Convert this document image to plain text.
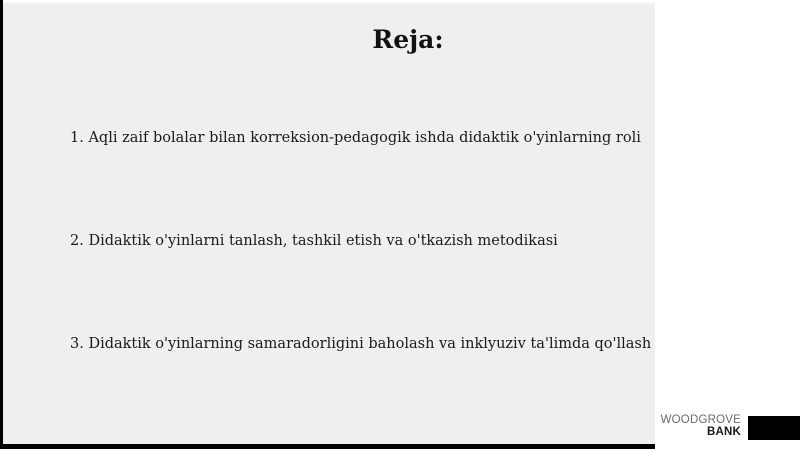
Reja:
1. Aqli zaif bolalar bilan korreksion-pedagogik ishda didaktik o'yinlarning roli
2. Didaktik o'yinlarni tanlash, tashkil etish va o'tkazish metodikasi
3. Didaktik o'yinlarning samaradorligini baholash va inklyuziv ta'limda qo'llash
WOODGROVE
BANK
